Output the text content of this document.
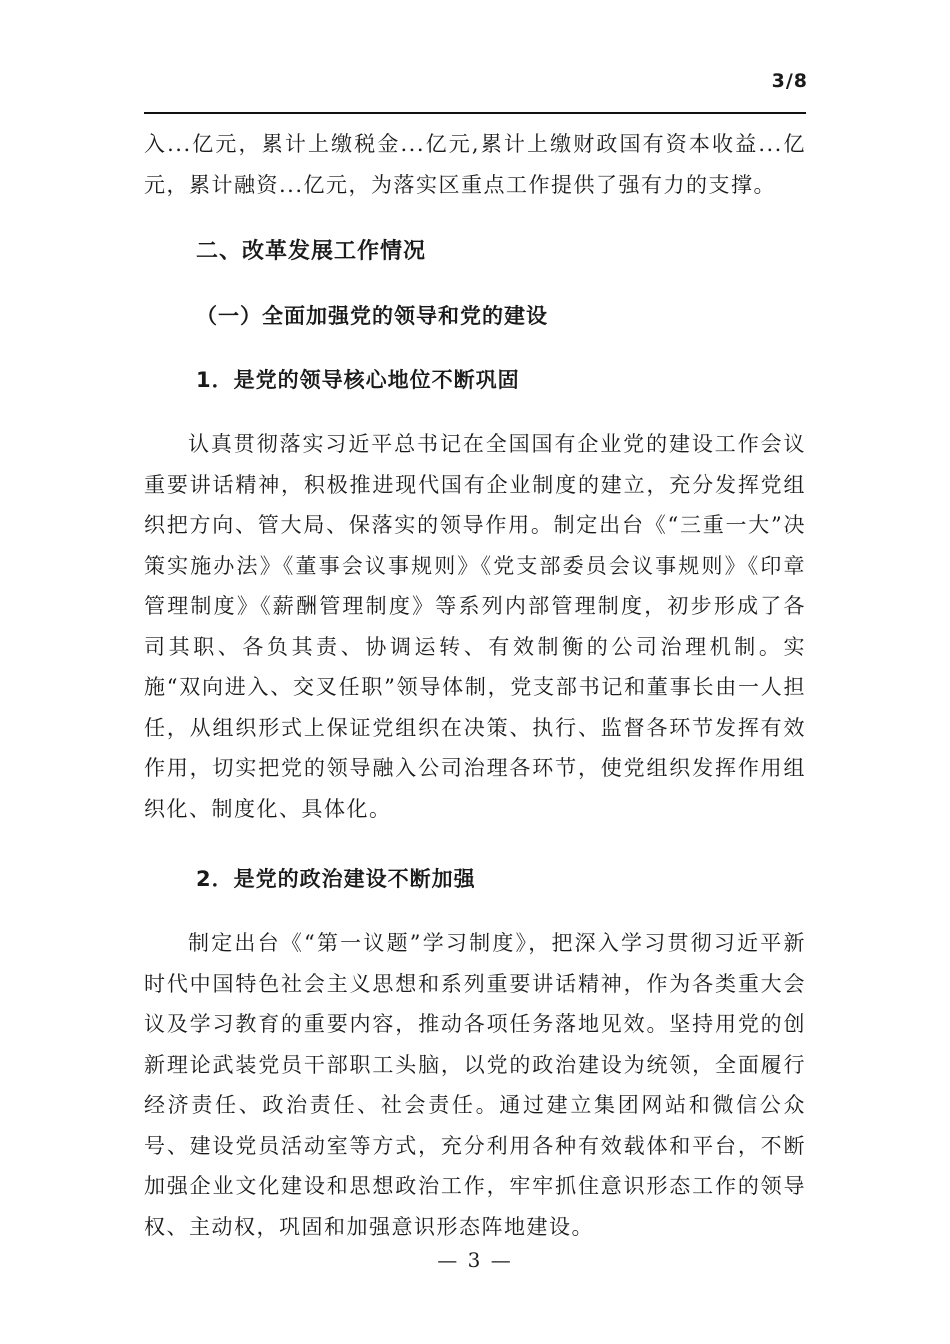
3/8

入...亿元，累计上缴税金...亿元,累计上缴财政国有资本收益...亿元，累计融资...亿元，为落实区重点工作提供了强有力的支撑。

二、改革发展工作情况
（一）全面加强党的领导和党的建设
1．是党的领导核心地位不断巩固

认真贯彻落实习近平总书记在全国国有企业党的建设工作会议重要讲话精神，积极推进现代国有企业制度的建立，充分发挥党组织把方向、管大局、保落实的领导作用。制定出台《“三重一大”决策实施办法》《董事会议事规则》《党支部委员会议事规则》《印章管理制度》《薪酬管理制度》等系列内部管理制度，初步形成了各司其职、各负其责、协调运转、有效制衡的公司治理机制。实施“双向进入、交叉任职”领导体制，党支部书记和董事长由一人担任，从组织形式上保证党组织在决策、执行、监督各环节发挥有效作用，切实把党的领导融入公司治理各环节，使党组织发挥作用组织化、制度化、具体化。

2．是党的政治建设不断加强

制定出台《“第一议题”学习制度》，把深入学习贯彻习近平新时代中国特色社会主义思想和系列重要讲话精神，作为各类重大会议及学习教育的重要内容，推动各项任务落地见效。坚持用党的创新理论武装党员干部职工头脑，以党的政治建设为统领，全面履行经济责任、政治责任、社会责任。通过建立集团网站和微信公众号、建设党员活动室等方式，充分利用各种有效载体和平台，不断加强企业文化建设和思想政治工作，牢牢抓住意识形态工作的领导权、主动权，巩固和加强意识形态阵地建设。

— 3 —
